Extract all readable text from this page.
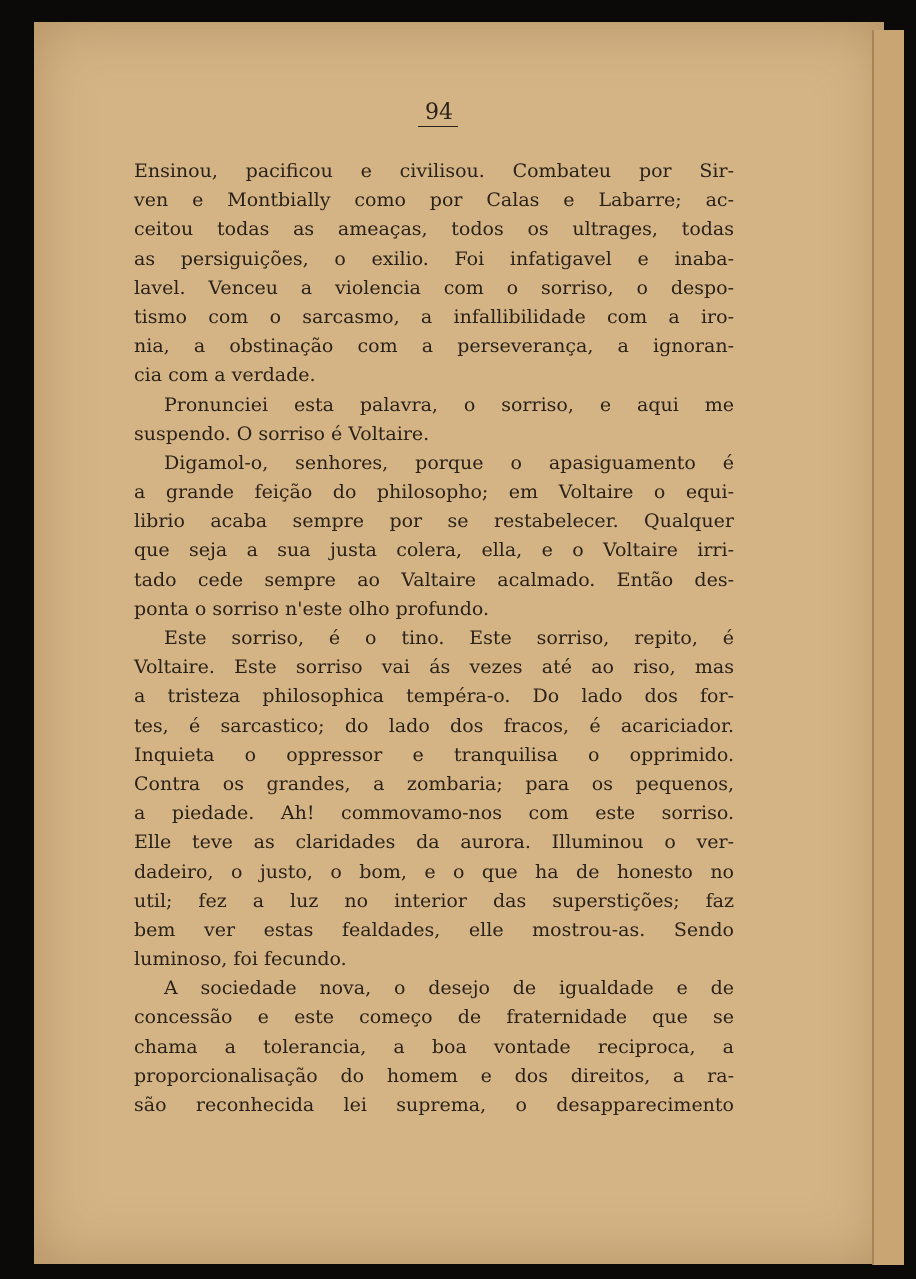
94
Ensinou, pacificou e civilisou. Combateu por Sir-
ven e Montbially como por Calas e Labarre; ac-
ceitou todas as ameaças, todos os ultrages, todas
as persiguições, o exilio. Foi infatigavel e inaba-
lavel. Venceu a violencia com o sorriso, o despo-
tismo com o sarcasmo, a infallibilidade com a iro-
nia, a obstinação com a perseverança, a ignoran-
cia com a verdade.
Pronunciei esta palavra, o sorriso, e aqui me
suspendo. O sorriso é Voltaire.
Digamol-o, senhores, porque o apasiguamento é
a grande feição do philosopho; em Voltaire o equi-
librio acaba sempre por se restabelecer. Qualquer
que seja a sua justa colera, ella, e o Voltaire irri-
tado cede sempre ao Valtaire acalmado. Então des-
ponta o sorriso n'este olho profundo.
Este sorriso, é o tino. Este sorriso, repito, é
Voltaire. Este sorriso vai ás vezes até ao riso, mas
a tristeza philosophica tempéra-o. Do lado dos for-
tes, é sarcastico; do lado dos fracos, é acariciador.
Inquieta o oppressor e tranquilisa o opprimido.
Contra os grandes, a zombaria; para os pequenos,
a piedade. Ah! commovamo-nos com este sorriso.
Elle teve as claridades da aurora. Illuminou o ver-
dadeiro, o justo, o bom, e o que ha de honesto no
util; fez a luz no interior das superstições; faz
bem ver estas fealdades, elle mostrou-as. Sendo
luminoso, foi fecundo.
A sociedade nova, o desejo de igualdade e de
concessão e este começo de fraternidade que se
chama a tolerancia, a boa vontade reciproca, a
proporcionalisação do homem e dos direitos, a ra-
são reconhecida lei suprema, o desapparecimento
